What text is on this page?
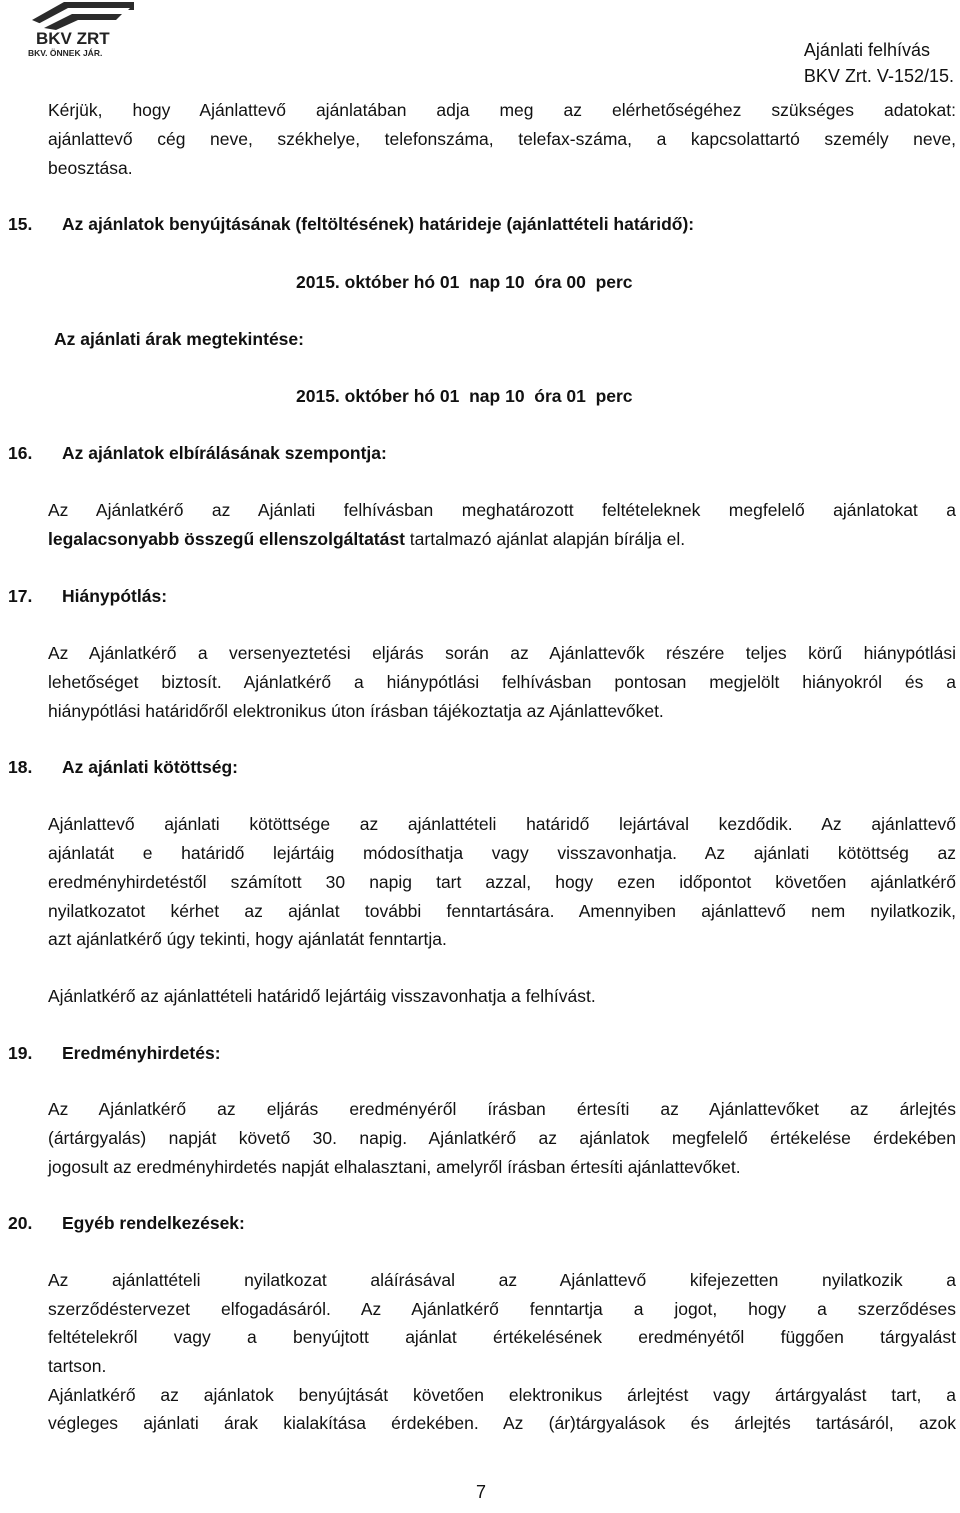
BKV ZRT
BKV. ÖNNEK JÁR.	Ajánlati felhívás
BKV Zrt. V-152/15.
Kérjük, hogy Ajánlattevő ajánlatában adja meg az elérhetőségéhez szükséges adatokat:
ajánlattevő cég neve, székhelye, telefonszáma, telefax-száma, a kapcsolattartó személy neve,
beosztása.
15. Az ajánlatok benyújtásának (feltöltésének) határideje (ajánlattételi határidő):
2015. október hó 01  nap 10  óra 00  perc
Az ajánlati árak megtekintése:
2015. október hó 01  nap 10  óra 01  perc
16. Az ajánlatok elbírálásának szempontja:
Az Ajánlatkérő az Ajánlati felhívásban meghatározott feltételeknek megfelelő ajánlatokat a
legalacsonyabb összegű ellenszolgáltatást tartalmazó ajánlat alapján bírálja el.
17. Hiánypótlás:
Az Ajánlatkérő a versenyeztetési eljárás során az Ajánlattevők részére teljes körű hiánypótlási
lehetőséget biztosít. Ajánlatkérő a hiánypótlási felhívásban pontosan megjelölt hiányokról és a
hiánypótlási határidőről elektronikus úton írásban tájékoztatja az Ajánlattevőket.
18. Az ajánlati kötöttség:
Ajánlattevő ajánlati kötöttsége az ajánlattételi határidő lejártával kezdődik. Az ajánlattevő
ajánlatát e határidő lejártáig módosíthatja vagy visszavonhatja. Az ajánlati kötöttség az
eredményhirdetéstől számított 30 napig tart azzal, hogy ezen időpontot követően ajánlatkérő
nyilatkozatot kérhet az ajánlat további fenntartására. Amennyiben ajánlattevő nem nyilatkozik,
azt ajánlatkérő úgy tekinti, hogy ajánlatát fenntartja.
Ajánlatkérő az ajánlattételi határidő lejártáig visszavonhatja a felhívást.
19. Eredményhirdetés:
Az Ajánlatkérő az eljárás eredményéről írásban értesíti az Ajánlattevőket az árlejtés
(ártárgyalás) napját követő 30. napig. Ajánlatkérő az ajánlatok megfelelő értékelése érdekében
jogosult az eredményhirdetés napját elhalasztani, amelyről írásban értesíti ajánlattevőket.
20. Egyéb rendelkezések:
Az ajánlattételi nyilatkozat aláírásával az Ajánlattevő kifejezetten nyilatkozik a
szerződéstervezet elfogadásáról. Az Ajánlatkérő fenntartja a jogot, hogy a szerződéses
feltételekről vagy a benyújtott ajánlat értékelésének eredményétől függően tárgyalást
tartson.
Ajánlatkérő az ajánlatok benyújtását követően elektronikus árlejtést vagy ártárgyalást tart, a
végleges ajánlati árak kialakítása érdekében. Az (ár)tárgyalások és árlejtés tartásáról, azok
7
